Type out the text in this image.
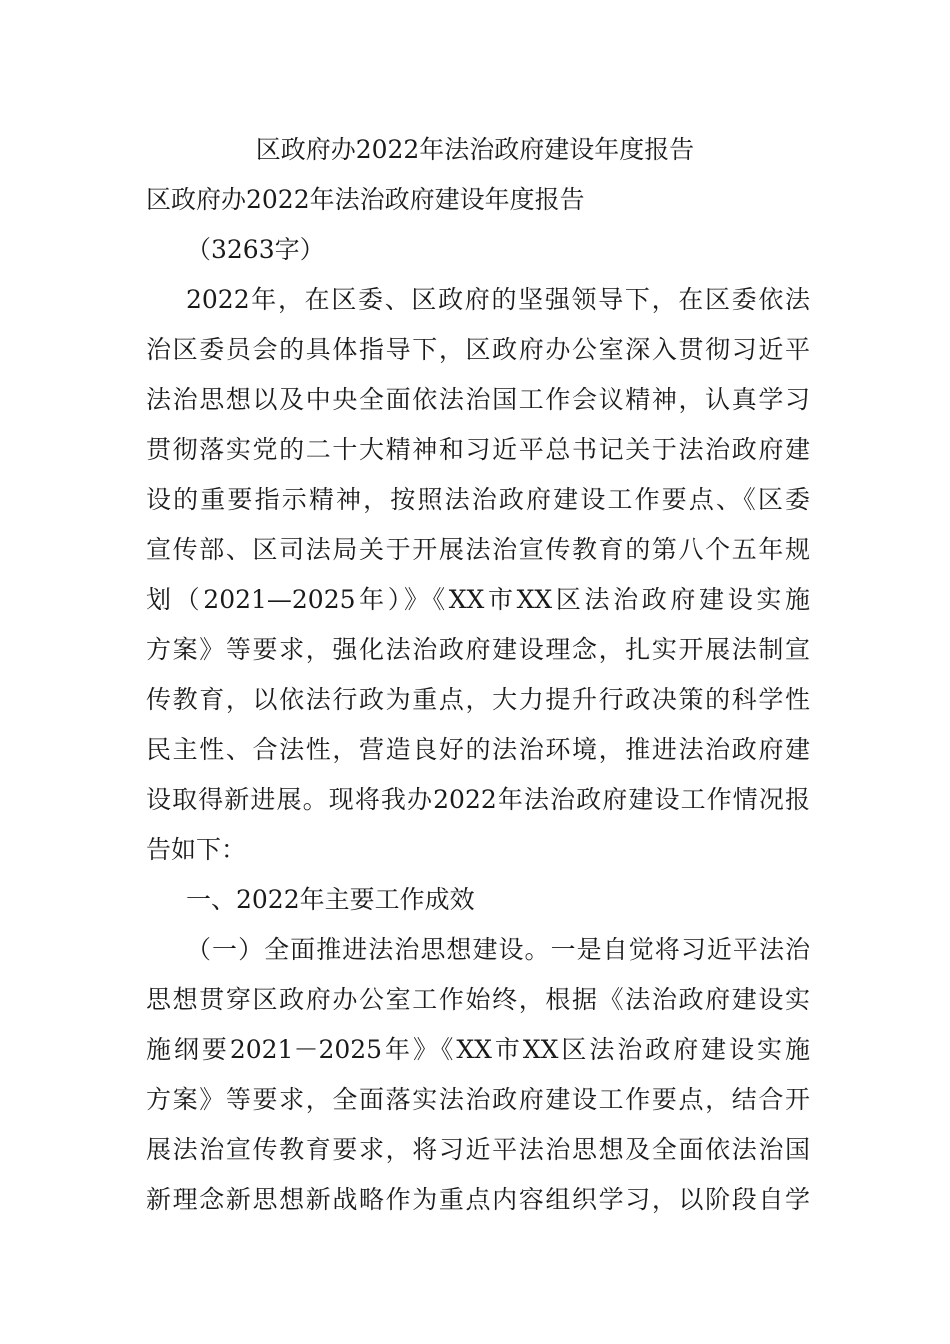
区政府办2022年法治政府建设年度报告
区政府办2022年法治政府建设年度报告
（3263字）
2022年，在区委、区政府的坚强领导下，在区委依法
治区委员会的具体指导下，区政府办公室深入贯彻习近平
法治思想以及中央全面依法治国工作会议精神，认真学习
贯彻落实党的二十大精神和习近平总书记关于法治政府建
设的重要指示精神，按照法治政府建设工作要点、《区委
宣传部、区司法局关于开展法治宣传教育的第八个五年规
划（2021—2025年）》《XX市XX区法治政府建设实施
方案》等要求，强化法治政府建设理念，扎实开展法制宣
传教育，以依法行政为重点，大力提升行政决策的科学性
民主性、合法性，营造良好的法治环境，推进法治政府建
设取得新进展。现将我办2022年法治政府建设工作情况报
告如下：
一、2022年主要工作成效
（一）全面推进法治思想建设。一是自觉将习近平法治
思想贯穿区政府办公室工作始终，根据《法治政府建设实
施纲要2021－2025年》《XX市XX区法治政府建设实施
方案》等要求，全面落实法治政府建设工作要点，结合开
展法治宣传教育要求，将习近平法治思想及全面依法治国
新理念新思想新战略作为重点内容组织学习，以阶段自学
